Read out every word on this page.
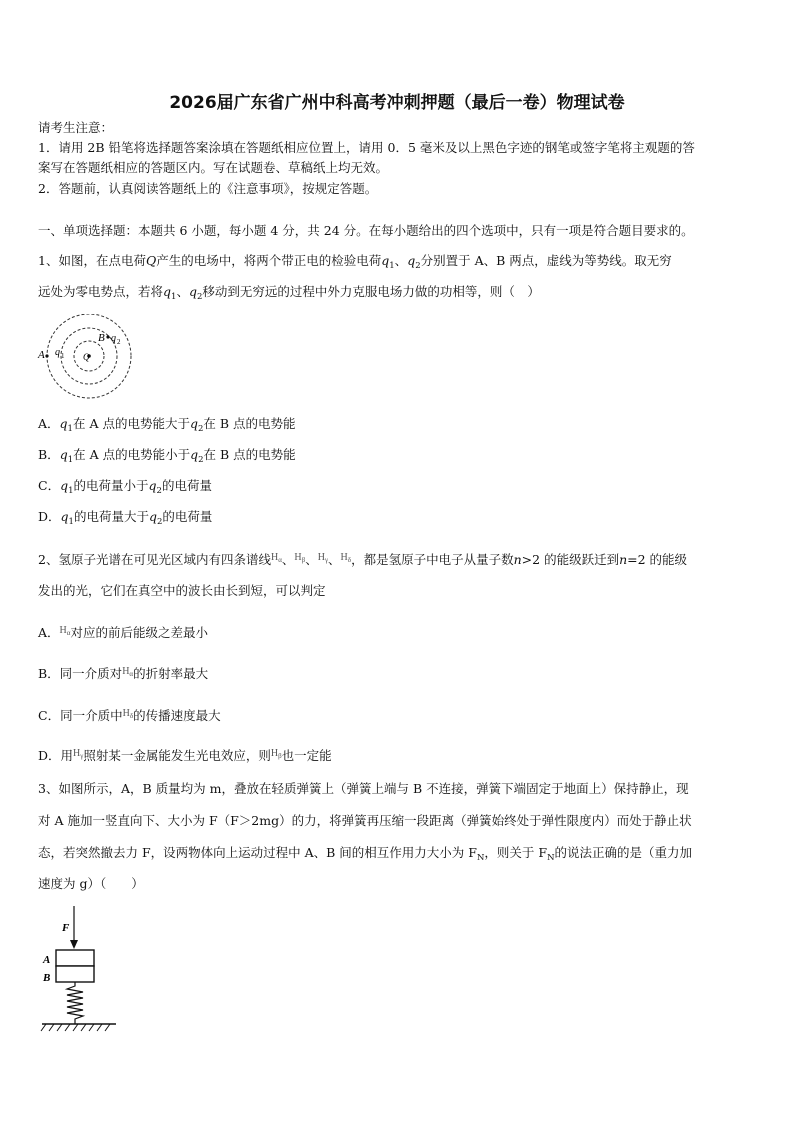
2026届广东省广州中科高考冲刺押题（最后一卷）物理试卷
请考生注意：
1．请用 2B 铅笔将选择题答案涂填在答题纸相应位置上，请用 0．5 毫米及以上黑色字迹的钢笔或签字笔将主观题的答
案写在答题纸相应的答题区内。写在试题卷、草稿纸上均无效。
2．答题前，认真阅读答题纸上的《注意事项》，按规定答题。
一、单项选择题：本题共 6 小题，每小题 4 分，共 24 分。在每小题给出的四个选项中，只有一项是符合题目要求的。
1、如图，在点电荷Q产生的电场中，将两个带正电的检验电荷$q_1$、$q_2$分别置于 A、B 两点，虚线为等势线。取无穷
远处为零电势点，若将$q_1$、$q_2$移动到无穷远的过程中外力克服电场力做的功相等，则（　）
Q
A q 1
B q 2
A．$q_1$在 A 点的电势能大于$q_2$在 B 点的电势能
B．$q_1$在 A 点的电势能小于$q_2$在 B 点的电势能
C．$q_1$的电荷量小于$q_2$的电荷量
D．$q_1$的电荷量大于$q_2$的电荷量
2、氢原子光谱在可见光区域内有四条谱线$^{H_\alpha}$、$^{H_\beta}$、$^{H_\gamma}$、$^{H_\delta}$，都是氢原子中电子从量子数n>2 的能级跃迁到n=2 的能级
发出的光，它们在真空中的波长由长到短，可以判定
A．$^{H_\alpha}$对应的前后能级之差最小
B．同一介质对$^{H_\alpha}$的折射率最大
C．同一介质中$^{H_\delta}$的传播速度最大
D．用$^{H_\gamma}$照射某一金属能发生光电效应，则$^{H_\beta}$也一定能
3、如图所示，A，B 质量均为 m，叠放在轻质弹簧上（弹簧上端与 B 不连接，弹簧下端固定于地面上）保持静止，现
对 A 施加一竖直向下、大小为 F（F＞2mg）的力，将弹簧再压缩一段距离（弹簧始终处于弹性限度内）而处于静止状
态，若突然撤去力 F，设两物体向上运动过程中 A、B 间的相互作用力大小为 $F_N$，则关于 $F_N$的说法正确的是（重力加
速度为 g）（　　）
F
A
B
